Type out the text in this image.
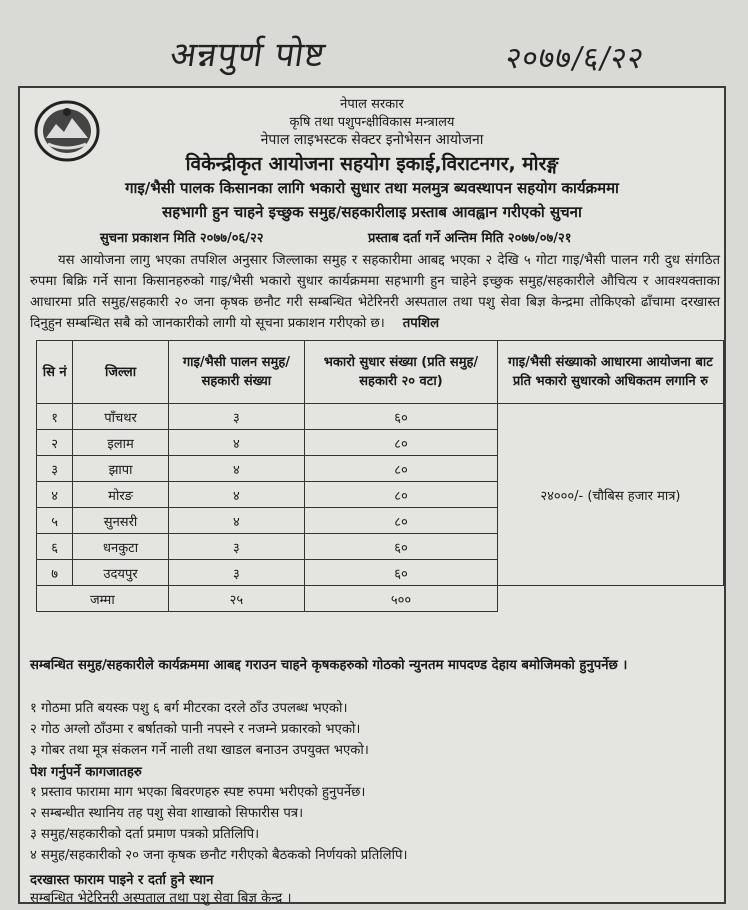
अन्नपुर्ण पोष्ट	२०७७/६/२२
नेपाल सरकार
कृषि तथा पशुपन्क्षीविकास मन्त्रालय
नेपाल लाइभस्टक सेक्टर इनोभेसन आयोजना
विकेन्द्रीकृत आयोजना सहयोग इकाई,विराटनगर, मोरङ्ग
गाइ/भैसी पालक किसानका लागि भकारो सुधार तथा मलमुत्र ब्यवस्थापन सहयोग कार्यक्रममा
सहभागी हुन चाहने इच्छुक समुह/सहकारीलाइ प्रस्ताब आवह्वान गरीएको सुचना
सुचना प्रकाशन मिति २०७७/०६/२२	प्रस्ताब दर्ता गर्ने अन्तिम मिति २०७७/०७/२१
यस आयोजना लागु भएका तपशिल अनुसार जिल्लाका समुह र सहकारीमा आबद्द भएका २ देखि ५ गोटा गाइ/भैसी पालन गरी दुध संगठित रुपमा बिक्रि गर्ने साना किसानहरुको गाइ/भैसी भकारो सुधार कार्यक्रममा सहभागी हुन चाहेने इच्छुक समुह/सहकारीले औचित्य र आवश्यक्ताका आधारमा प्रति समुह/सहकारी २० जना कृषक छनौट गरी सम्बन्धित भेटेरिनरी अस्पताल तथा पशु सेवा बिज्ञ केन्द्रमा तोकिएको ढाँचामा दरखास्त दिनुहुन सम्बन्धित सबै को जानकारीको लागी यो सूचना प्रकाशन गरीएको छ। तपशिल
सि नं	जिल्ला	गाइ/भैसी पालन समुह/सहकारी संख्या	भकारो सुधार संख्या (प्रति समुह/ सहकारी २० वटा)	गाइ/भैसी संख्याको आधारमा आयोजना बाट प्रति भकारो सुधारको अधिकतम लगानि रु
१	पाँचथर	३	६०	२४०००/- (चौबिस हजार मात्र)
२	इलाम	४	८०	
३	झापा	४	८०	
४	मोरङ	४	८०	
५	सुनसरी	४	८०	
६	धनकुटा	३	६०	
७	उदयपुर	३	६०	
जम्मा		२५	५००	
सम्बन्धित समुह/सहकारीले कार्यक्रममा आबद्द गराउन चाहने कृषकहरुको गोठको न्युनतम मापदण्ड देहाय बमोजिमको हुनुपर्नेछ ।
१ गोठमा प्रति बयस्क पशु ६ बर्ग मीटरका दरले ठाँउ उपलब्ध भएको।
२ गोठ अग्लो ठाँउमा र बर्षातको पानी नपस्ने र नजम्ने प्रकारको भएको।
३ गोबर तथा मूत्र संकलन गर्ने नाली तथा खाडल बनाउन उपयुक्त भएको।
पेश गर्नुपर्ने कागजातहरु
१ प्रस्ताव फारामा माग भएका बिवरणहरु स्पष्ट रुपमा भरीएको हुनुपर्नेछ।
२ सम्बन्धीत स्थानिय तह पशु सेवा शाखाको सिफारीस पत्र।
३ समुह/सहकारीको दर्ता प्रमाण पत्रको प्रतिलिपि।
४ समुह/सहकारीको २० जना कृषक छनौट गरीएको बैठकको निर्णयको प्रतिलिपि।
दरखास्त फाराम पाइने र दर्ता हुने स्थान
सम्बन्धित भेटेरिनरी अस्पताल तथा पशु सेवा बिज्ञ केन्द्र ।
